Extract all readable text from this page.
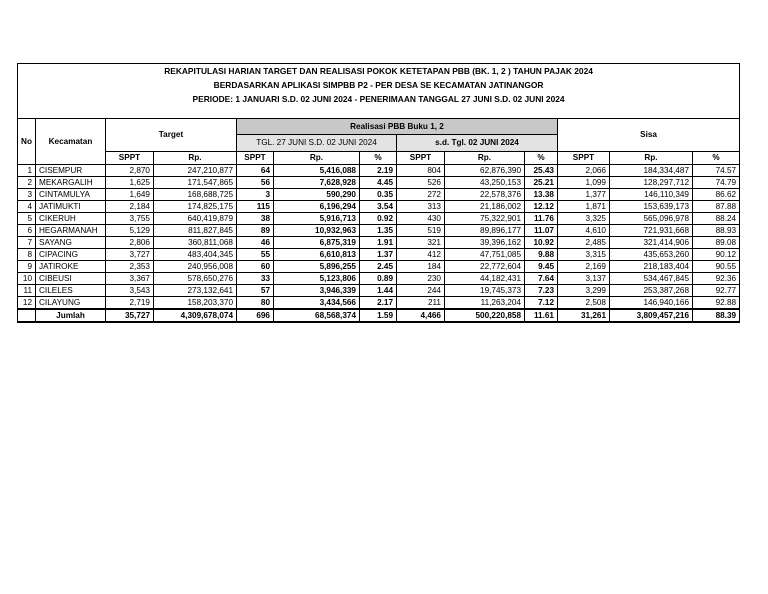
REKAPITULASI HARIAN TARGET DAN REALISASI POKOK KETETAPAN PBB (BK. 1, 2 ) TAHUN PAJAK 2024
BERDASARKAN APLIKASI SIMPBB P2 - PER DESA SE KECAMATAN JATINANGOR
PERIODE: 1 JANUARI S.D. 02 JUNI 2024 - PENERIMAAN TANGGAL 27 JUNI S.D. 02 JUNI 2024												

No	Kecamatan	Target		Realisasi PBB Buku 1, 2						Sisa		
				TGL. 27 JUNI S.D. 02 JUNI 2024			s.d. Tgl. 02 JUNI 2024					
		SPPT	Rp.	SPPT	Rp.	%	SPPT	Rp.	%	SPPT	Rp.	%
1	CISEMPUR	2,870	247,210,877	64	5,416,088	2.19	804	62,876,390	25.43	2,066	184,334,487	74.57
2	MEKARGALIH	1,625	171,547,865	56	7,628,928	4.45	526	43,250,153	25.21	1,099	128,297,712	74.79
3	CINTAMULYA	1,649	168,688,725	3	590,290	0.35	272	22,578,376	13.38	1,377	146,110,349	86.62
4	JATIMUKTI	2,184	174,825,175	115	6,196,294	3.54	313	21,186,002	12.12	1,871	153,639,173	87.88
5	CIKERUH	3,755	640,419,879	38	5,916,713	0.92	430	75,322,901	11.76	3,325	565,096,978	88.24
6	HEGARMANAH	5,129	811,827,845	89	10,932,963	1.35	519	89,896,177	11.07	4,610	721,931,668	88.93
7	SAYANG	2,806	360,811,068	46	6,875,319	1.91	321	39,396,162	10.92	2,485	321,414,906	89.08
8	CIPACING	3,727	483,404,345	55	6,610,813	1.37	412	47,751,085	9.88	3,315	435,653,260	90.12
9	JATIROKE	2,353	240,956,008	60	5,896,255	2.45	184	22,772,604	9.45	2,169	218,183,404	90.55
10	CIBEUSI	3,367	578,650,276	33	5,123,806	0.89	230	44,182,431	7.64	3,137	534,467,845	92.36
11	CILELES	3,543	273,132,641	57	3,946,339	1.44	244	19,745,373	7.23	3,299	253,387,268	92.77
12	CILAYUNG	2,719	158,203,370	80	3,434,566	2.17	211	11,263,204	7.12	2,508	146,940,166	92.88
	Jumlah	35,727	4,309,678,074	696	68,568,374	1.59	4,466	500,220,858	11.61	31,261	3,809,457,216	88.39
